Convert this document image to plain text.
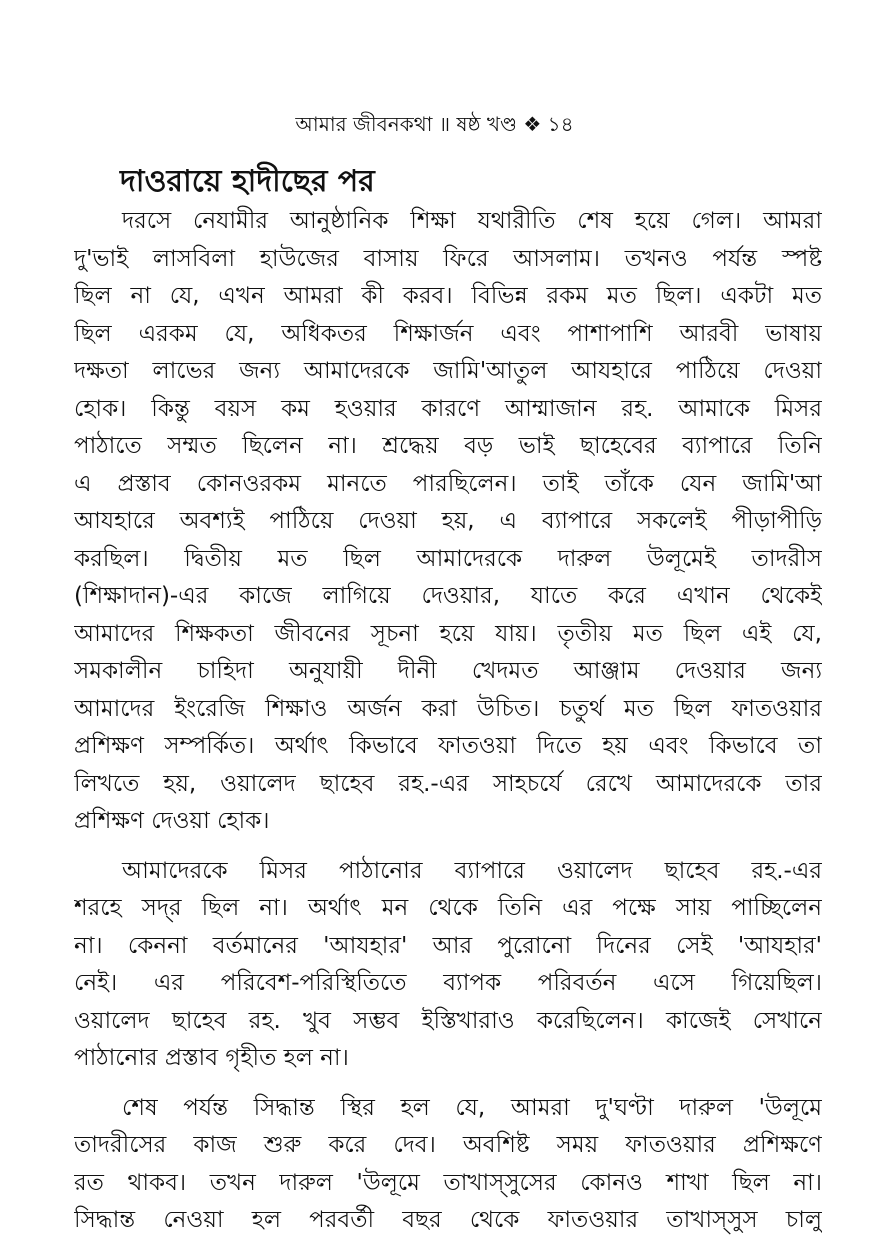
আমার জীবনকথা ॥ ষষ্ঠ খণ্ড ❖ ১৪
দাওরায়ে হাদীছের পর
দরসে নেযামীর আনুষ্ঠানিক শিক্ষা যথারীতি শেষ হয়ে গেল। আমরা
দু'ভাই লাসবিলা হাউজের বাসায় ফিরে আসলাম। তখনও পর্যন্ত স্পষ্ট
ছিল না যে, এখন আমরা কী করব। বিভিন্ন রকম মত ছিল। একটা মত
ছিল এরকম যে, অধিকতর শিক্ষার্জন এবং পাশাপাশি আরবী ভাষায়
দক্ষতা লাভের জন্য আমাদেরকে জামি'আতুল আযহারে পাঠিয়ে দেওয়া
হোক। কিন্তু বয়স কম হওয়ার কারণে আম্মাজান রহ. আমাকে মিসর
পাঠাতে সম্মত ছিলেন না। শ্রদ্ধেয় বড় ভাই ছাহেবের ব্যাপারে তিনি
এ প্রস্তাব কোনওরকম মানতে পারছিলেন। তাই তাঁকে যেন জামি'আ
আযহারে অবশ্যই পাঠিয়ে দেওয়া হয়, এ ব্যাপারে সকলেই পীড়াপীড়ি
করছিল। দ্বিতীয় মত ছিল আমাদেরকে দারুল উলূমেই তাদরীস
(শিক্ষাদান)-এর কাজে লাগিয়ে দেওয়ার, যাতে করে এখান থেকেই
আমাদের শিক্ষকতা জীবনের সূচনা হয়ে যায়। তৃতীয় মত ছিল এই যে,
সমকালীন চাহিদা অনুযায়ী দীনী খেদমত আঞ্জাম দেওয়ার জন্য
আমাদের ইংরেজি শিক্ষাও অর্জন করা উচিত। চতুর্থ মত ছিল ফাতওয়ার
প্রশিক্ষণ সম্পর্কিত। অর্থাৎ কিভাবে ফাতওয়া দিতে হয় এবং কিভাবে তা
লিখতে হয়, ওয়ালেদ ছাহেব রহ.-এর সাহচর্যে রেখে আমাদেরকে তার
প্রশিক্ষণ দেওয়া হোক।
আমাদেরকে মিসর পাঠানোর ব্যাপারে ওয়ালেদ ছাহেব রহ.-এর
শরহে সদ্‌র ছিল না। অর্থাৎ মন থেকে তিনি এর পক্ষে সায় পাচ্ছিলেন
না। কেননা বর্তমানের 'আযহার' আর পুরোনো দিনের সেই 'আযহার'
নেই। এর পরিবেশ-পরিস্থিতিতে ব্যাপক পরিবর্তন এসে গিয়েছিল।
ওয়ালেদ ছাহেব রহ. খুব সম্ভব ইস্তিখারাও করেছিলেন। কাজেই সেখানে
পাঠানোর প্রস্তাব গৃহীত হল না।
শেষ পর্যন্ত সিদ্ধান্ত স্থির হল যে, আমরা দু'ঘণ্টা দারুল 'উলূমে
তাদরীসের কাজ শুরু করে দেব। অবশিষ্ট সময় ফাতওয়ার প্রশিক্ষণে
রত থাকব। তখন দারুল 'উলূমে তাখাস্‌সুসের কোনও শাখা ছিল না।
সিদ্ধান্ত নেওয়া হল পরবর্তী বছর থেকে ফাতওয়ার তাখাস্‌সুস চালু
